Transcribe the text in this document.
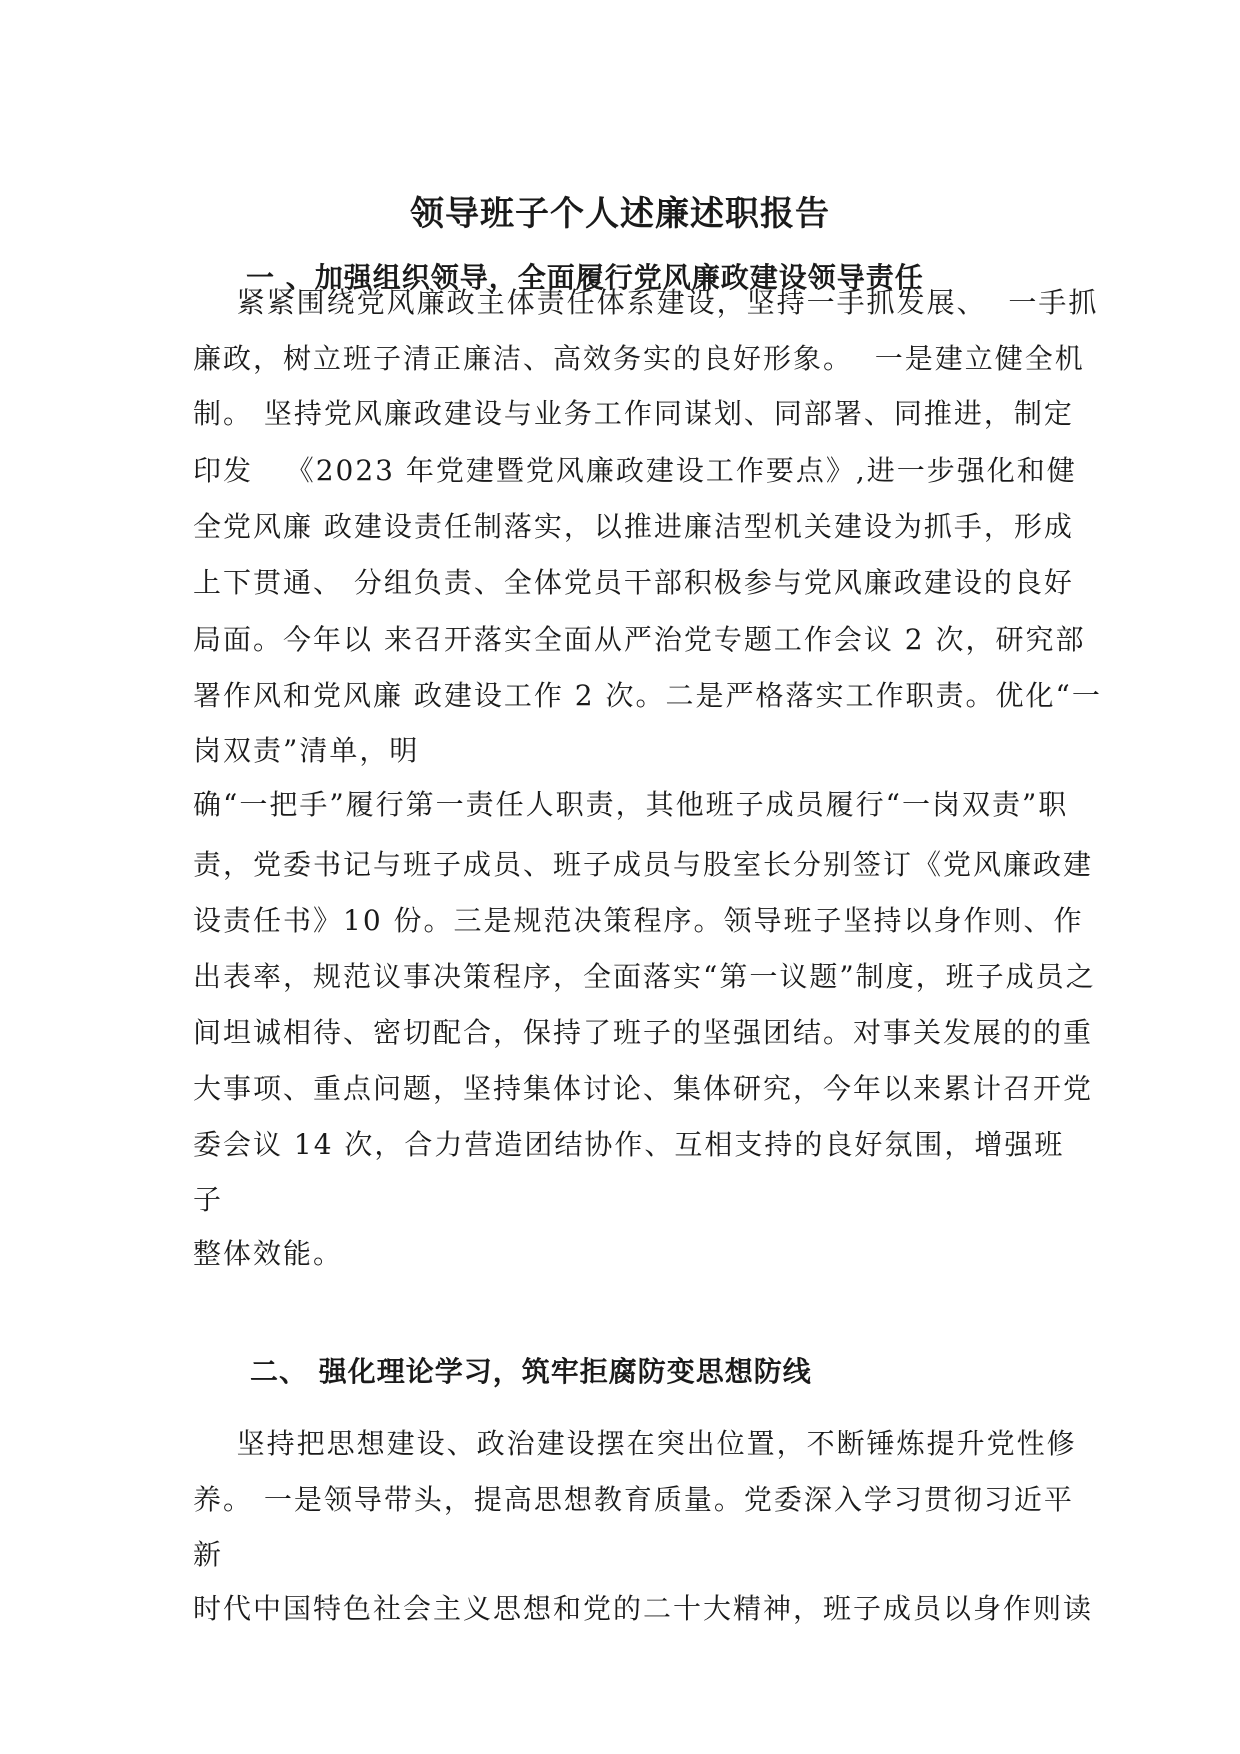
领导班子个人述廉述职报告
一 、加强组织领导，全面履行党风廉政建设领导责任
紧紧围绕党风廉政主体责任体系建设，坚持一手抓发展、  一手抓
廉政，树立班子清正廉洁、高效务实的良好形象。  一是建立健全机
制。 坚持党风廉政建设与业务工作同谋划、同部署、同推进，制定
印发   《2023 年党建暨党风廉政建设工作要点》,进一步强化和健
全党风廉 政建设责任制落实，以推进廉洁型机关建设为抓手，形成
上下贯通、 分组负责、全体党员干部积极参与党风廉政建设的良好
局面。今年以 来召开落实全面从严治党专题工作会议 2 次，研究部
署作风和党风廉 政建设工作 2 次。二是严格落实工作职责。优化“一
岗双责”清单，明
确“一把手”履行第一责任人职责，其他班子成员履行“一岗双责”职
责，党委书记与班子成员、班子成员与股室长分别签订《党风廉政建
设责任书》10 份。三是规范决策程序。领导班子坚持以身作则、作
出表率，规范议事决策程序，全面落实“第一议题”制度，班子成员之
间坦诚相待、密切配合，保持了班子的坚强团结。对事关发展的的重
大事项、重点问题，坚持集体讨论、集体研究，今年以来累计召开党
委会议 14 次，合力营造团结协作、互相支持的良好氛围，增强班
子
整体效能。
二、 强化理论学习，筑牢拒腐防变思想防线
坚持把思想建设、政治建设摆在突出位置，不断锤炼提升党性修
养。 一是领导带头，提高思想教育质量。党委深入学习贯彻习近平
新
时代中国特色社会主义思想和党的二十大精神，班子成员以身作则读
